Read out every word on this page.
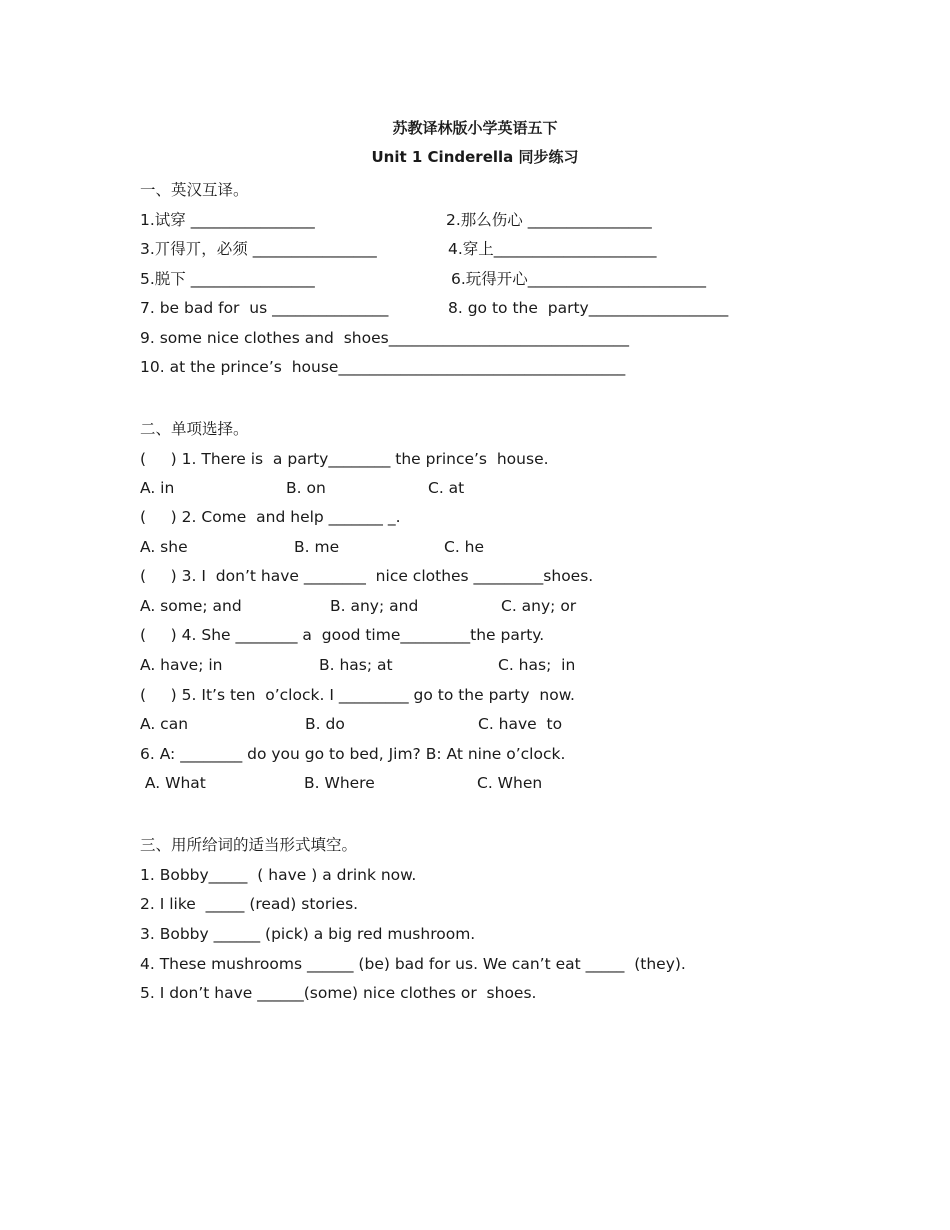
苏教译林版小学英语五下
Unit 1 Cinderella 同步练习
一、英汉互译。
1.试穿 ________________	2.那么伤心 ________________
3.丌得丌，必须 ________________	4.穿上_____________________
5.脱下 ________________	6.玩得开心_______________________
7. be bad for  us _______________	8. go to the  party__________________
9. some nice clothes and  shoes_______________________________
10. at the prince’s  house_____________________________________
二、单项选择。
(     ) 1. There is  a party________ the prince’s  house.
A. in	B. on	C. at
(     ) 2. Come  and help _______ _.
A. she	B. me	C. he
(     ) 3. I  don’t have ________  nice clothes _________shoes.
A. some; and	B. any; and	C. any; or
(     ) 4. She ________ a  good time_________the party.
A. have; in	B. has; at	C. has;  in
(     ) 5. It’s ten  o’clock. I _________ go to the party  now.
A. can	B. do	C. have  to
6. A: ________ do you go to bed, Jim? B: At nine o’clock.
A. What	B. Where	C. When
三、用所给词的适当形式填空。
1. Bobby_____  ( have ) a drink now.
2. I like  _____ (read) stories.
3. Bobby ______ (pick) a big red mushroom.
4. These mushrooms ______ (be) bad for us. We can’t eat _____  (they).
5. I don’t have ______(some) nice clothes or  shoes.
